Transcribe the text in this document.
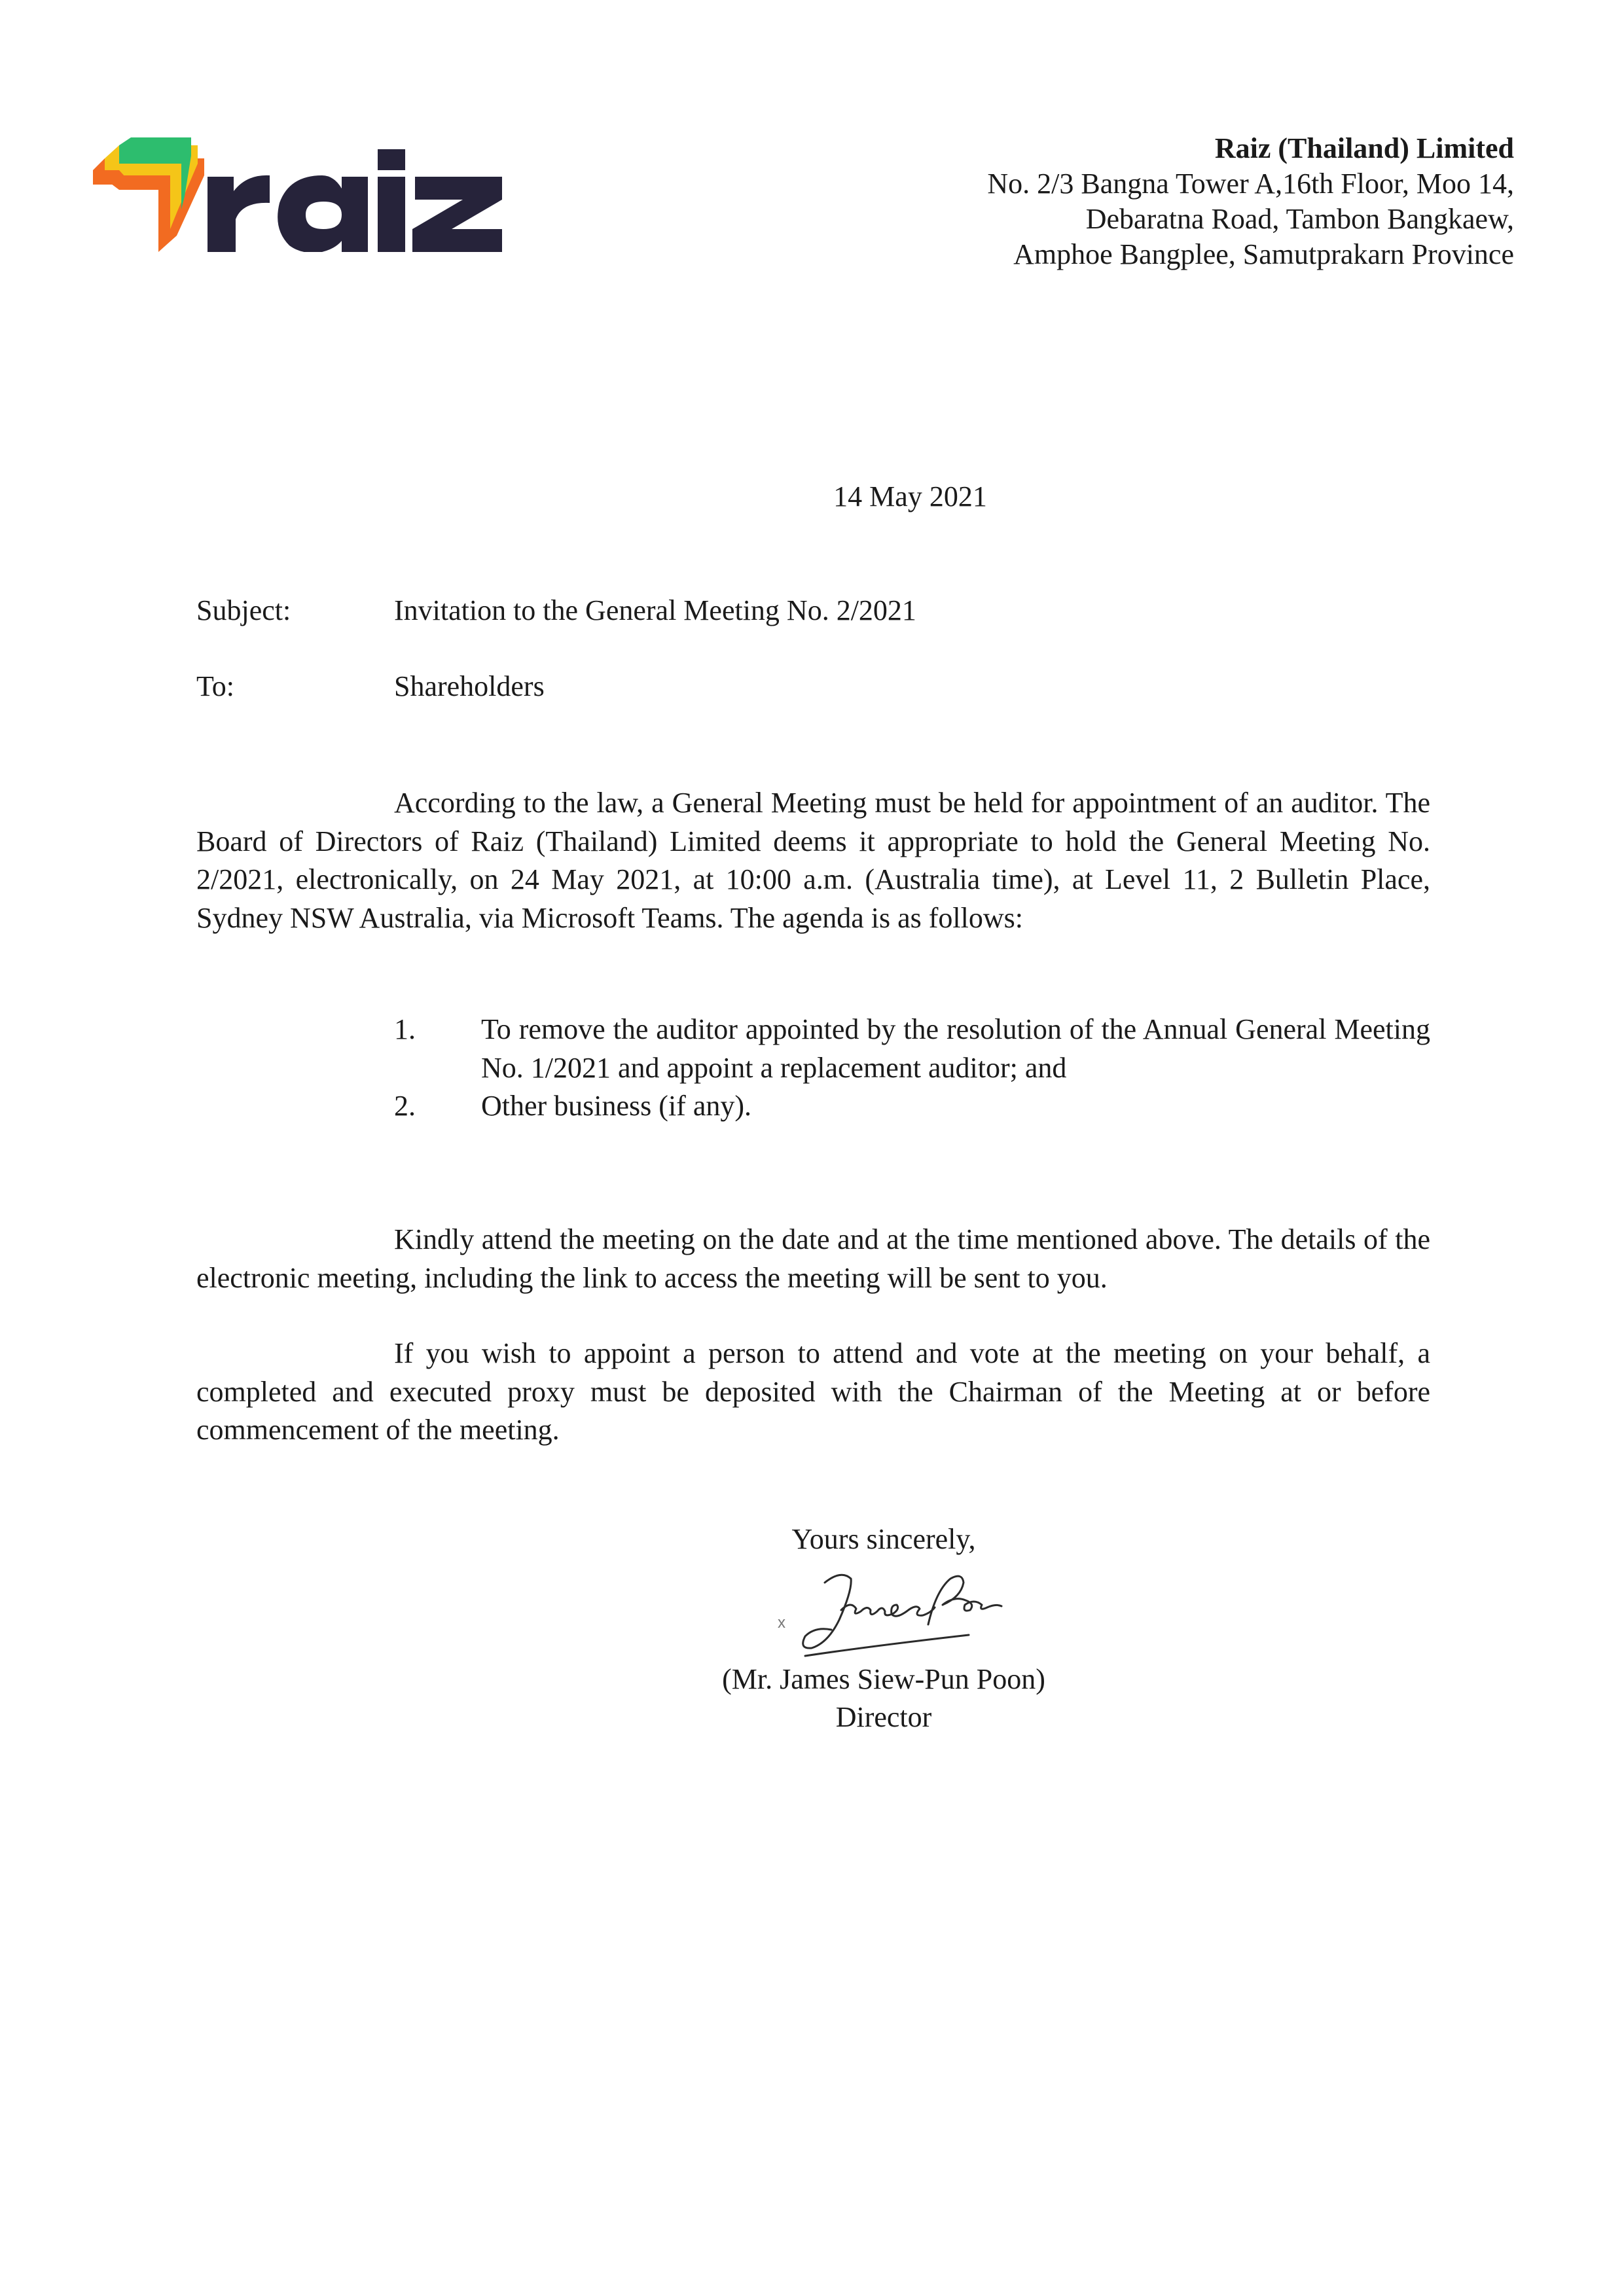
Raiz (Thailand) Limited
No. 2/3 Bangna Tower A,16th Floor, Moo 14,
Debaratna Road, Tambon Bangkaew,
Amphoe Bangplee, Samutprakarn Province
14 May 2021
Subject:	Invitation to the General Meeting No. 2/2021
To:	Shareholders
According to the law, a General Meeting must be held for appointment of an auditor. The Board of Directors of Raiz (Thailand) Limited deems it appropriate to hold the General Meeting No. 2/2021, electronically, on 24 May 2021, at 10:00 a.m. (Australia time), at Level 11, 2 Bulletin Place, Sydney NSW Australia, via Microsoft Teams. The agenda is as follows:
1.	To remove the auditor appointed by the resolution of the Annual General Meeting No. 1/2021 and appoint a replacement auditor; and
2.	Other business (if any).
Kindly attend the meeting on the date and at the time mentioned above. The details of the electronic meeting, including the link to access the meeting will be sent to you.
If you wish to appoint a person to attend and vote at the meeting on your behalf, a completed and executed proxy must be deposited with the Chairman of the Meeting at or before commencement of the meeting.
Yours sincerely,
x
(Mr. James Siew-Pun Poon)
Director
